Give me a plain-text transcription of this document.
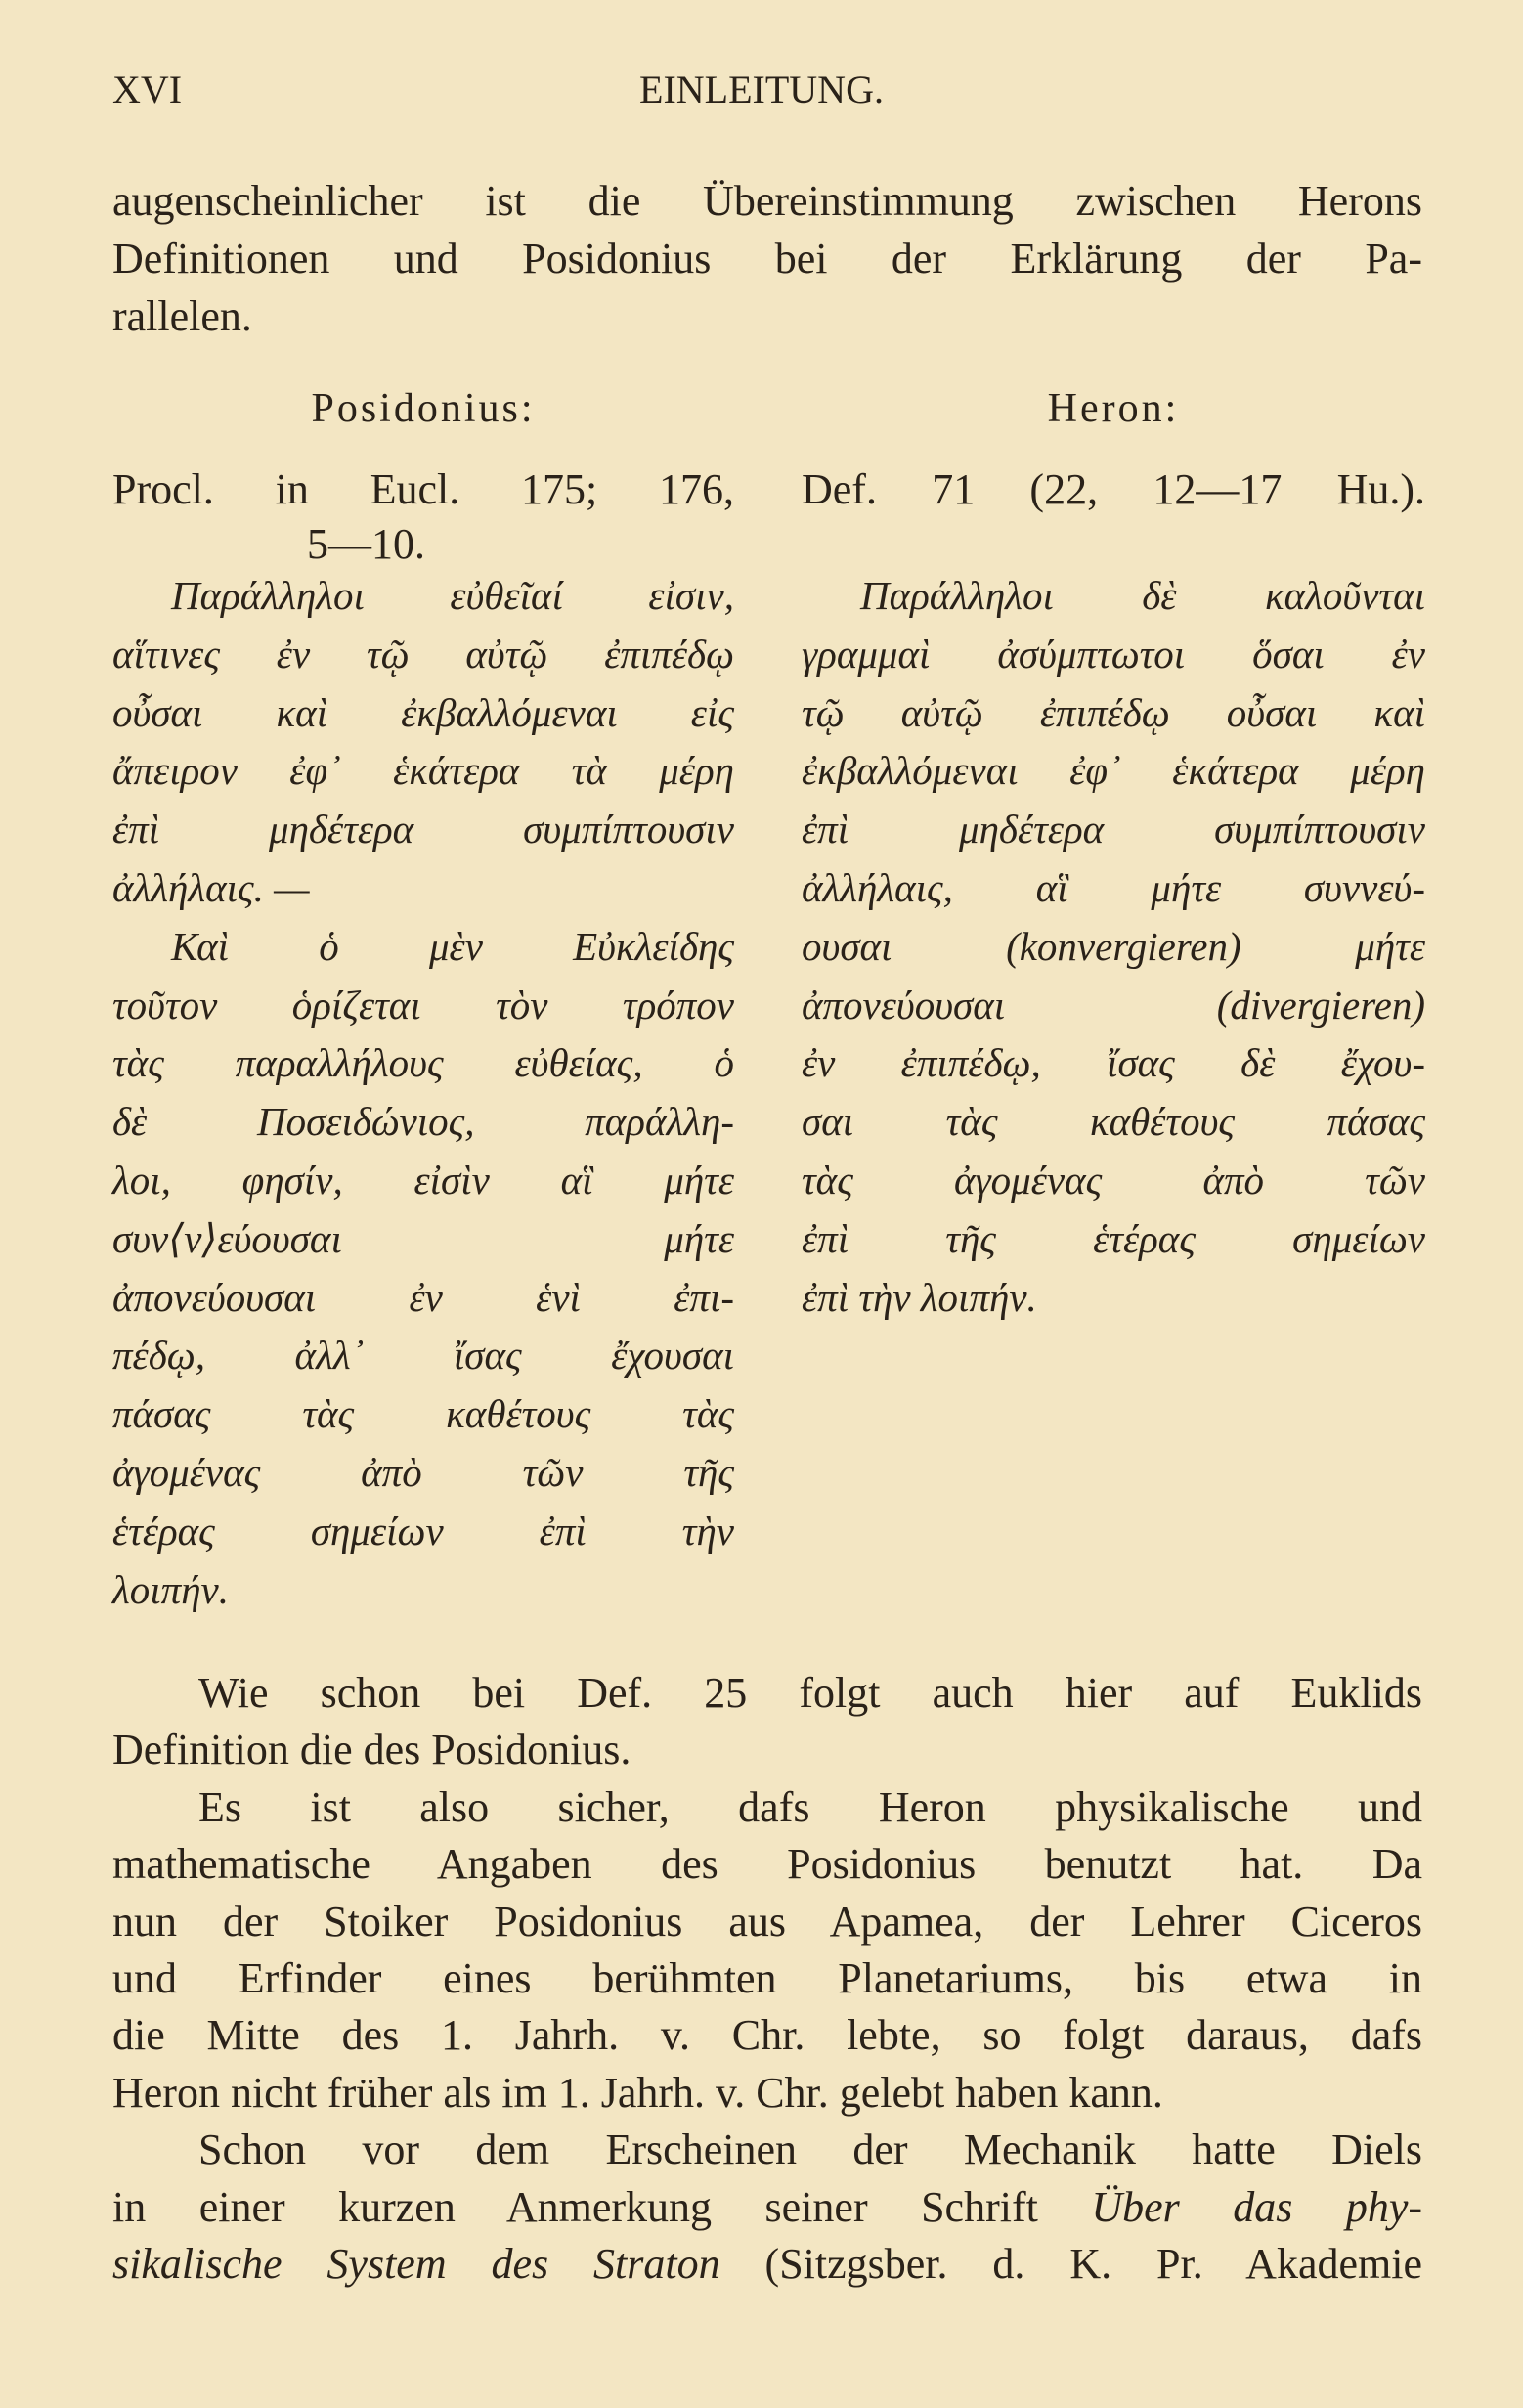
XVI	EINLEITUNG.
augenscheinlicher ist die Übereinstimmung zwischen Herons
Definitionen und Posidonius bei der Erklärung der Pa-
rallelen.
Posidonius:	Heron:
Procl. in Eucl. 175; 176,
5—10.
Def. 71 (22, 12—17 Hu.).
Παράλληλοι εὐθεῖαί εἰσιν,
αἵτινες ἐν τῷ αὐτῷ ἐπιπέδῳ
οὖσαι καὶ ἐκβαλλόμεναι εἰς
ἄπειρον ἐφ᾽ ἑκάτερα τὰ μέρη
ἐπὶ μηδέτερα συμπίπτουσιν
ἀλλήλαις. —
Καὶ ὁ μὲν Εὐκλείδης
τοῦτον ὁρίζεται τὸν τρόπον
τὰς παραλλήλους εὐθείας, ὁ
δὲ Ποσειδώνιος, παράλλη-
λοι, φησίν, εἰσὶν αἳ μήτε
συν⟨ν⟩εύουσαι μήτε
ἀπονεύουσαι ἐν ἑνὶ ἐπι-
πέδῳ, ἀλλ᾽ ἴσας ἔχουσαι
πάσας τὰς καθέτους τὰς
ἀγομένας ἀπὸ τῶν τῆς
ἑτέρας σημείων ἐπὶ τὴν
λοιπήν.
Παράλληλοι δὲ καλοῦνται
γραμμαὶ ἀσύμπτωτοι ὅσαι ἐν
τῷ αὐτῷ ἐπιπέδῳ οὖσαι καὶ
ἐκβαλλόμεναι ἐφ᾽ ἑκάτερα μέρη
ἐπὶ μηδέτερα συμπίπτουσιν
ἀλλήλαις, αἳ μήτε συννεύ-
ουσαι (konvergieren) μήτε
ἀπονεύουσαι (divergieren)
ἐν ἐπιπέδῳ, ἴσας δὲ ἔχου-
σαι τὰς καθέτους πάσας
τὰς ἀγομένας ἀπὸ τῶν
ἐπὶ τῆς ἑτέρας σημείων
ἐπὶ τὴν λοιπήν.
Wie schon bei Def. 25 folgt auch hier auf Euklids
Definition die des Posidonius.
Es ist also sicher, dafs Heron physikalische und
mathematische Angaben des Posidonius benutzt hat. Da
nun der Stoiker Posidonius aus Apamea, der Lehrer Ciceros
und Erfinder eines berühmten Planetariums, bis etwa in
die Mitte des 1. Jahrh. v. Chr. lebte, so folgt daraus, dafs
Heron nicht früher als im 1. Jahrh. v. Chr. gelebt haben kann.
Schon vor dem Erscheinen der Mechanik hatte Diels
in einer kurzen Anmerkung seiner Schrift Über das phy-
sikalische System des Straton (Sitzgsber. d. K. Pr. Akademie
